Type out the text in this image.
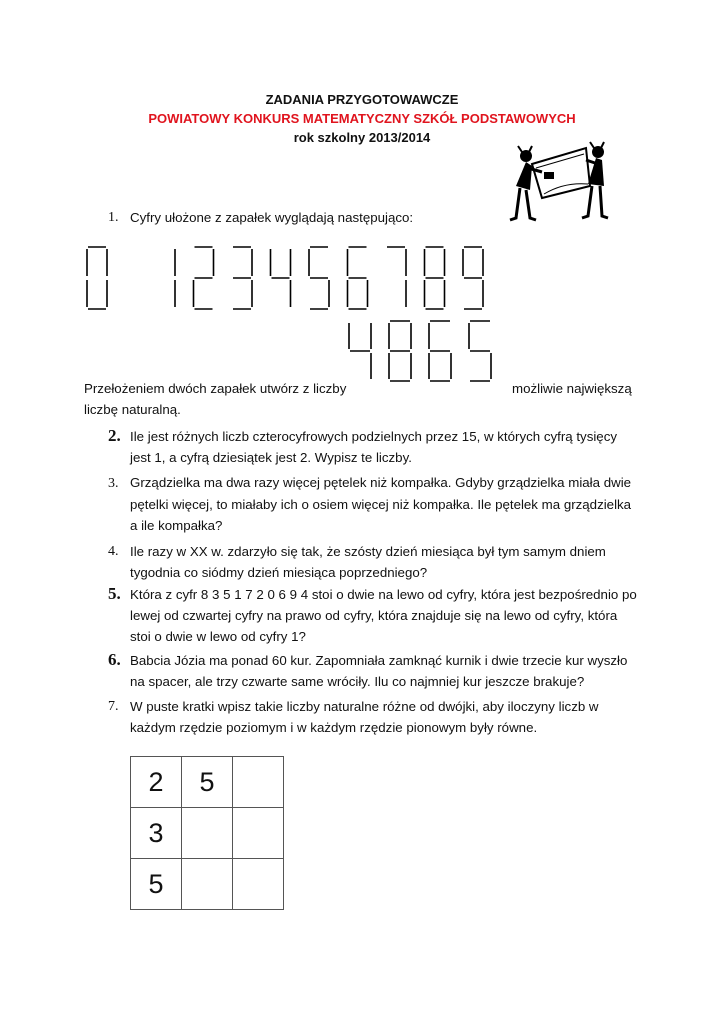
ZADANIA PRZYGOTOWAWCZE
POWIATOWY KONKURS MATEMATYCZNY SZKÓŁ PODSTAWOWYCH
rok szkolny 2013/2014
1. Cyfry ułożone z zapałek wyglądają następująco:
Przełożeniem dwóch zapałek utwórz z liczby	możliwie największą
liczbę naturalną.
2. Ile jest różnych liczb czterocyfrowych podzielnych przez 15, w których cyfrą tysięcy
jest 1, a cyfrą dziesiątek jest 2. Wypisz te liczby.
3. Grządzielka ma dwa razy więcej pętelek niż kompałka. Gdyby grządzielka miała dwie
pętelki więcej, to miałaby ich o osiem więcej niż kompałka. Ile pętelek ma grządzielka
a ile kompałka?
4. Ile razy w XX w. zdarzyło się tak, że szósty dzień miesiąca był tym samym dniem
tygodnia co siódmy dzień miesiąca poprzedniego?
5. Która z cyfr 8 3 5 1 7 2 0 6 9 4 stoi o dwie na lewo od cyfry, która jest bezpośrednio po
lewej od czwartej cyfry na prawo od cyfry, która znajduje się na lewo od cyfry, która
stoi o dwie w lewo od cyfry 1?
6. Babcia Józia ma ponad 60 kur. Zapomniała zamknąć kurnik i dwie trzecie kur wyszło
na spacer, ale trzy czwarte same wróciły. Ilu co najmniej kur jeszcze brakuje?
7. W puste kratki wpisz takie liczby naturalne różne od dwójki, aby iloczyny liczb w
każdym rzędzie poziomym i w każdym rzędzie pionowym były równe.
2	5	
3		
5		
